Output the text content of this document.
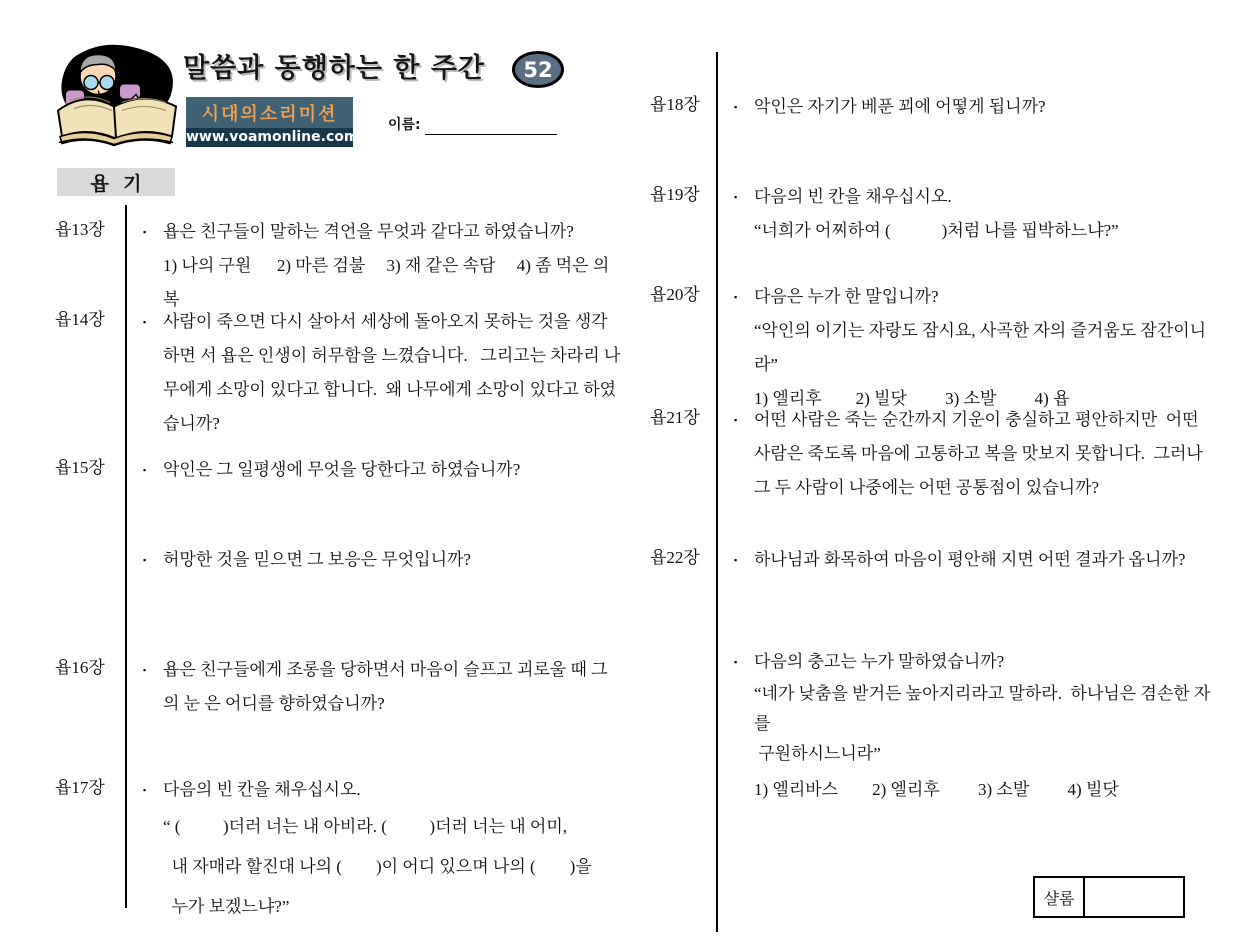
말씀과 동행하는 한 주간	52
시대의소리미션
www.voamonline.com
이름:
욥   기
욥13장	▪ 욥은 친구들이 말하는 격언을 무엇과 같다고 하였습니까?
1) 나의 구원      2) 마른 검불     3) 재 같은 속담     4) 좀 먹은 의복
욥14장	▪ 사람이 죽으면 다시 살아서 세상에 돌아오지 못하는 것을 생각하면 서 욥은 인생이 허무함을 느꼈습니다.   그리고는 차라리 나무에게 소망이 있다고 합니다.  왜 나무에게 소망이 있다고 하였습니까?
욥15장	▪ 악인은 그 일평생에 무엇을 당한다고 하였습니까?
▪ 허망한 것을 믿으면 그 보응은 무엇입니까?
욥16장	▪ 욥은 친구들에게 조롱을 당하면서 마음이 슬프고 괴로울 때 그의 눈 은 어디를 향하였습니까?
욥17장	▪ 다음의 빈 칸을 채우십시오.
“ (          )더러 너는 내 아비라. (          )더러 너는 내 어미,
내 자매라 할진대 나의 (        )이 어디 있으며 나의 (        )을
누가 보겠느냐?”
욥18장	▪ 악인은 자기가 베푼 꾀에 어떻게 됩니까?
욥19장	▪ 다음의 빈 칸을 채우십시오.
“너희가 어찌하여 (            )처럼 나를 핍박하느냐?”
욥20장	▪ 다음은 누가 한 말입니까?
“악인의 이기는 자랑도 잠시요, 사곡한 자의 즐거움도 잠간이니라”
1) 엘리후        2) 빌닷         3) 소발         4) 욥
욥21장	▪ 어떤 사람은 죽는 순간까지 기운이 충실하고 평안하지만  어떤 사람은 죽도록 마음에 고통하고 복을 맛보지 못합니다.  그러나 그 두 사람이 나중에는 어떤 공통점이 있습니까?
욥22장	▪ 하나님과 화목하여 마음이 평안해 지면 어떤 결과가 옵니까?
▪ 다음의 충고는 누가 말하였습니까?
“네가 낮춤을 받거든 높아지리라고 말하라.  하나님은 겸손한 자를
구원하시느니라”
1) 엘리바스        2) 엘리후         3) 소발         4) 빌닷
샬롬
